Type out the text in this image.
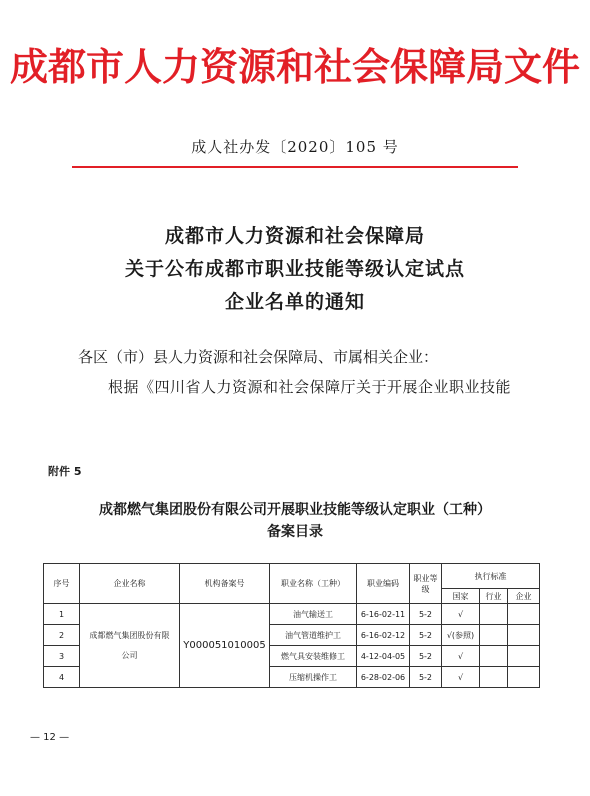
成都市人力资源和社会保障局文件
成人社办发〔2020〕105 号
成都市人力资源和社会保障局
关于公布成都市职业技能等级认定试点
企业名单的通知
各区（市）县人力资源和社会保障局、市属相关企业：
根据《四川省人力资源和社会保障厅关于开展企业职业技能
附件 5
成都燃气集团股份有限公司开展职业技能等级认定职业（工种）
备案目录
序号	企业名称	机构备案号	职业名称（工种）	职业编码	职业等级	执行标准		
						国家	行业	企业
1	成都燃气集团股份有限公司	Y000051010005	油气输送工	6-16-02-11	5-2	√		
2			油气管道维护工	6-16-02-12	5-2	√(参照)		
3			燃气具安装维修工	4-12-04-05	5-2	√		
4			压缩机操作工	6-28-02-06	5-2	√		
— 12 —
